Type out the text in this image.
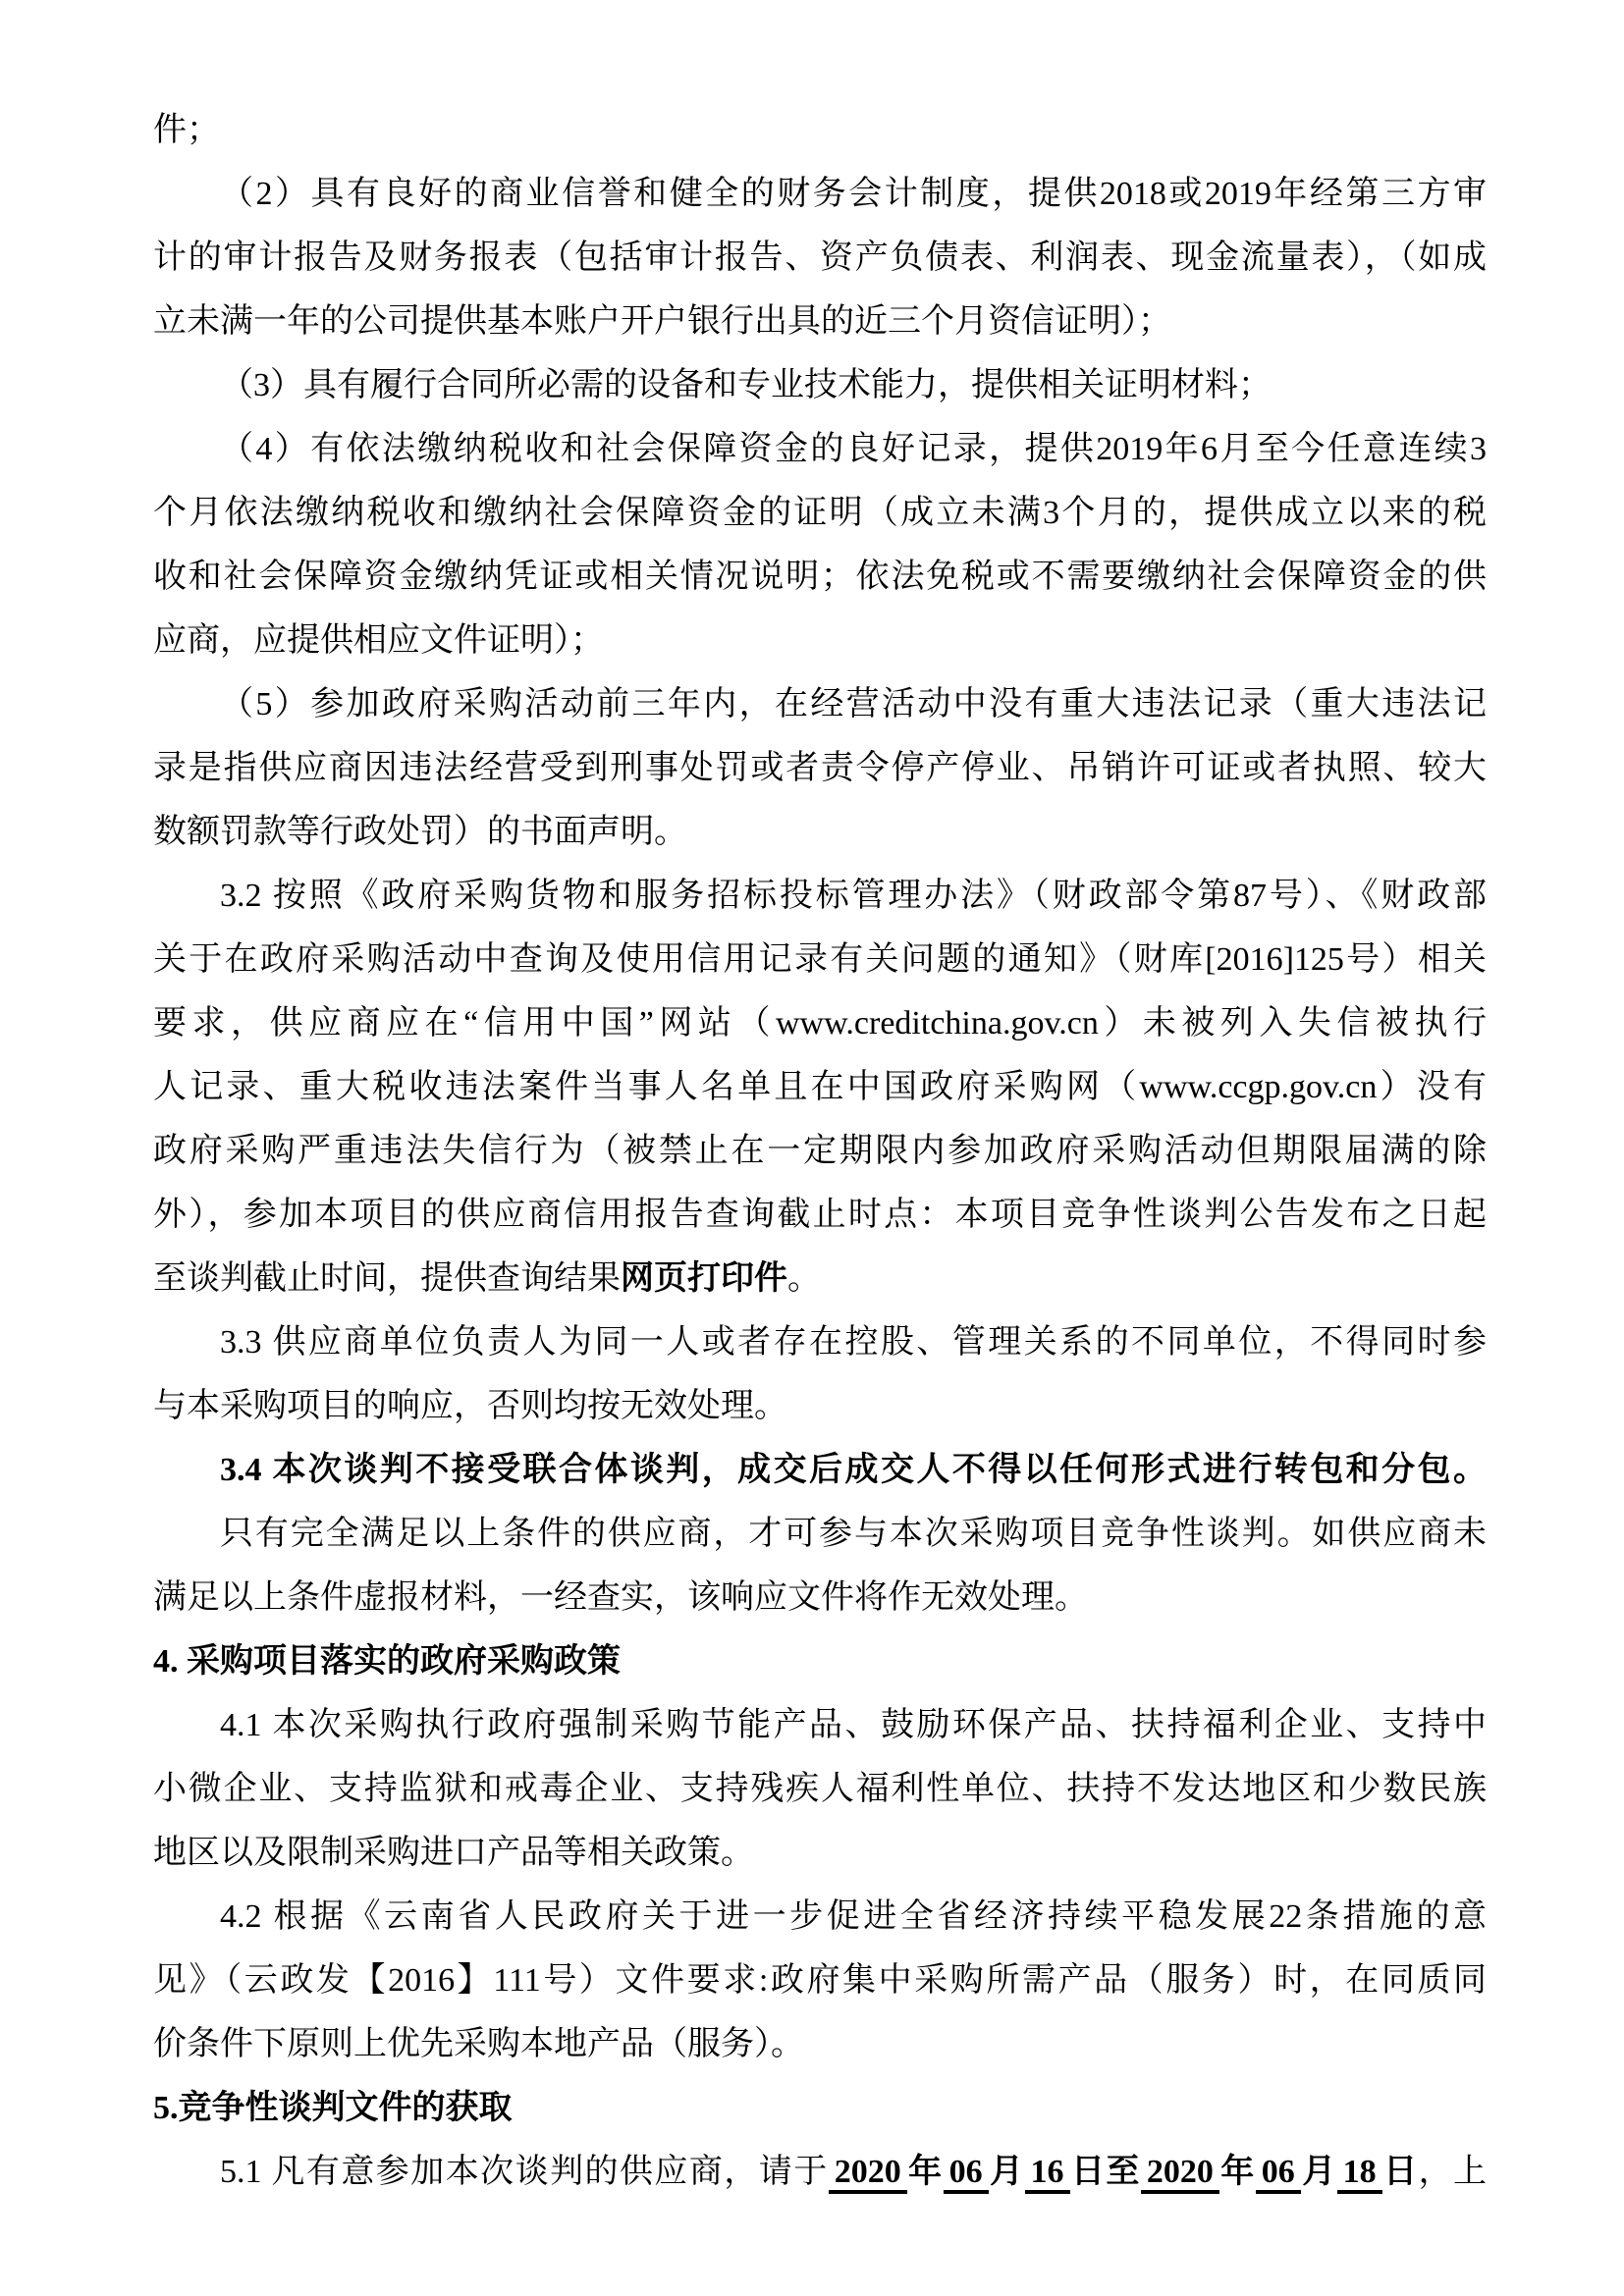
件；
（2）具有良好的商业信誉和健全的财务会计制度，提供2018或2019年经第三方审
计的审计报告及财务报表（包括审计报告、资产负债表、利润表、现金流量表），（如成
立未满一年的公司提供基本账户开户银行出具的近三个月资信证明）；
（3）具有履行合同所必需的设备和专业技术能力，提供相关证明材料；
（4）有依法缴纳税收和社会保障资金的良好记录，提供2019年6月至今任意连续3
个月依法缴纳税收和缴纳社会保障资金的证明（成立未满3个月的，提供成立以来的税
收和社会保障资金缴纳凭证或相关情况说明；依法免税或不需要缴纳社会保障资金的供
应商，应提供相应文件证明）；
（5）参加政府采购活动前三年内，在经营活动中没有重大违法记录（重大违法记
录是指供应商因违法经营受到刑事处罚或者责令停产停业、吊销许可证或者执照、较大
数额罚款等行政处罚）的书面声明。
3.2 按照《政府采购货物和服务招标投标管理办法》（财政部令第87号）、《财政部
关于在政府采购活动中查询及使用信用记录有关问题的通知》（财库[2016]125号）相关
要求，供应商应在“信用中国”网站（www.creditchina.gov.cn）未被列入失信被执行
人记录、重大税收违法案件当事人名单且在中国政府采购网（www.ccgp.gov.cn）没有
政府采购严重违法失信行为（被禁止在一定期限内参加政府采购活动但期限届满的除
外），参加本项目的供应商信用报告查询截止时点：本项目竞争性谈判公告发布之日起
至谈判截止时间，提供查询结果网页打印件。
3.3 供应商单位负责人为同一人或者存在控股、管理关系的不同单位，不得同时参
与本采购项目的响应，否则均按无效处理。
3.4 本次谈判不接受联合体谈判，成交后成交人不得以任何形式进行转包和分包。
只有完全满足以上条件的供应商，才可参与本次采购项目竞争性谈判。如供应商未
满足以上条件虚报材料，一经查实，该响应文件将作无效处理。
4. 采购项目落实的政府采购政策
4.1 本次采购执行政府强制采购节能产品、鼓励环保产品、扶持福利企业、支持中
小微企业、支持监狱和戒毒企业、支持残疾人福利性单位、扶持不发达地区和少数民族
地区以及限制采购进口产品等相关政策。
4.2 根据《云南省人民政府关于进一步促进全省经济持续平稳发展22条措施的意
见》（云政发【2016】111号）文件要求:政府集中采购所需产品（服务）时，在同质同
价条件下原则上优先采购本地产品（服务）。
5.竞争性谈判文件的获取
5.1 凡有意参加本次谈判的供应商，请于 2020 年 06 月 16 日至 2020 年 06 月 18 日，上
